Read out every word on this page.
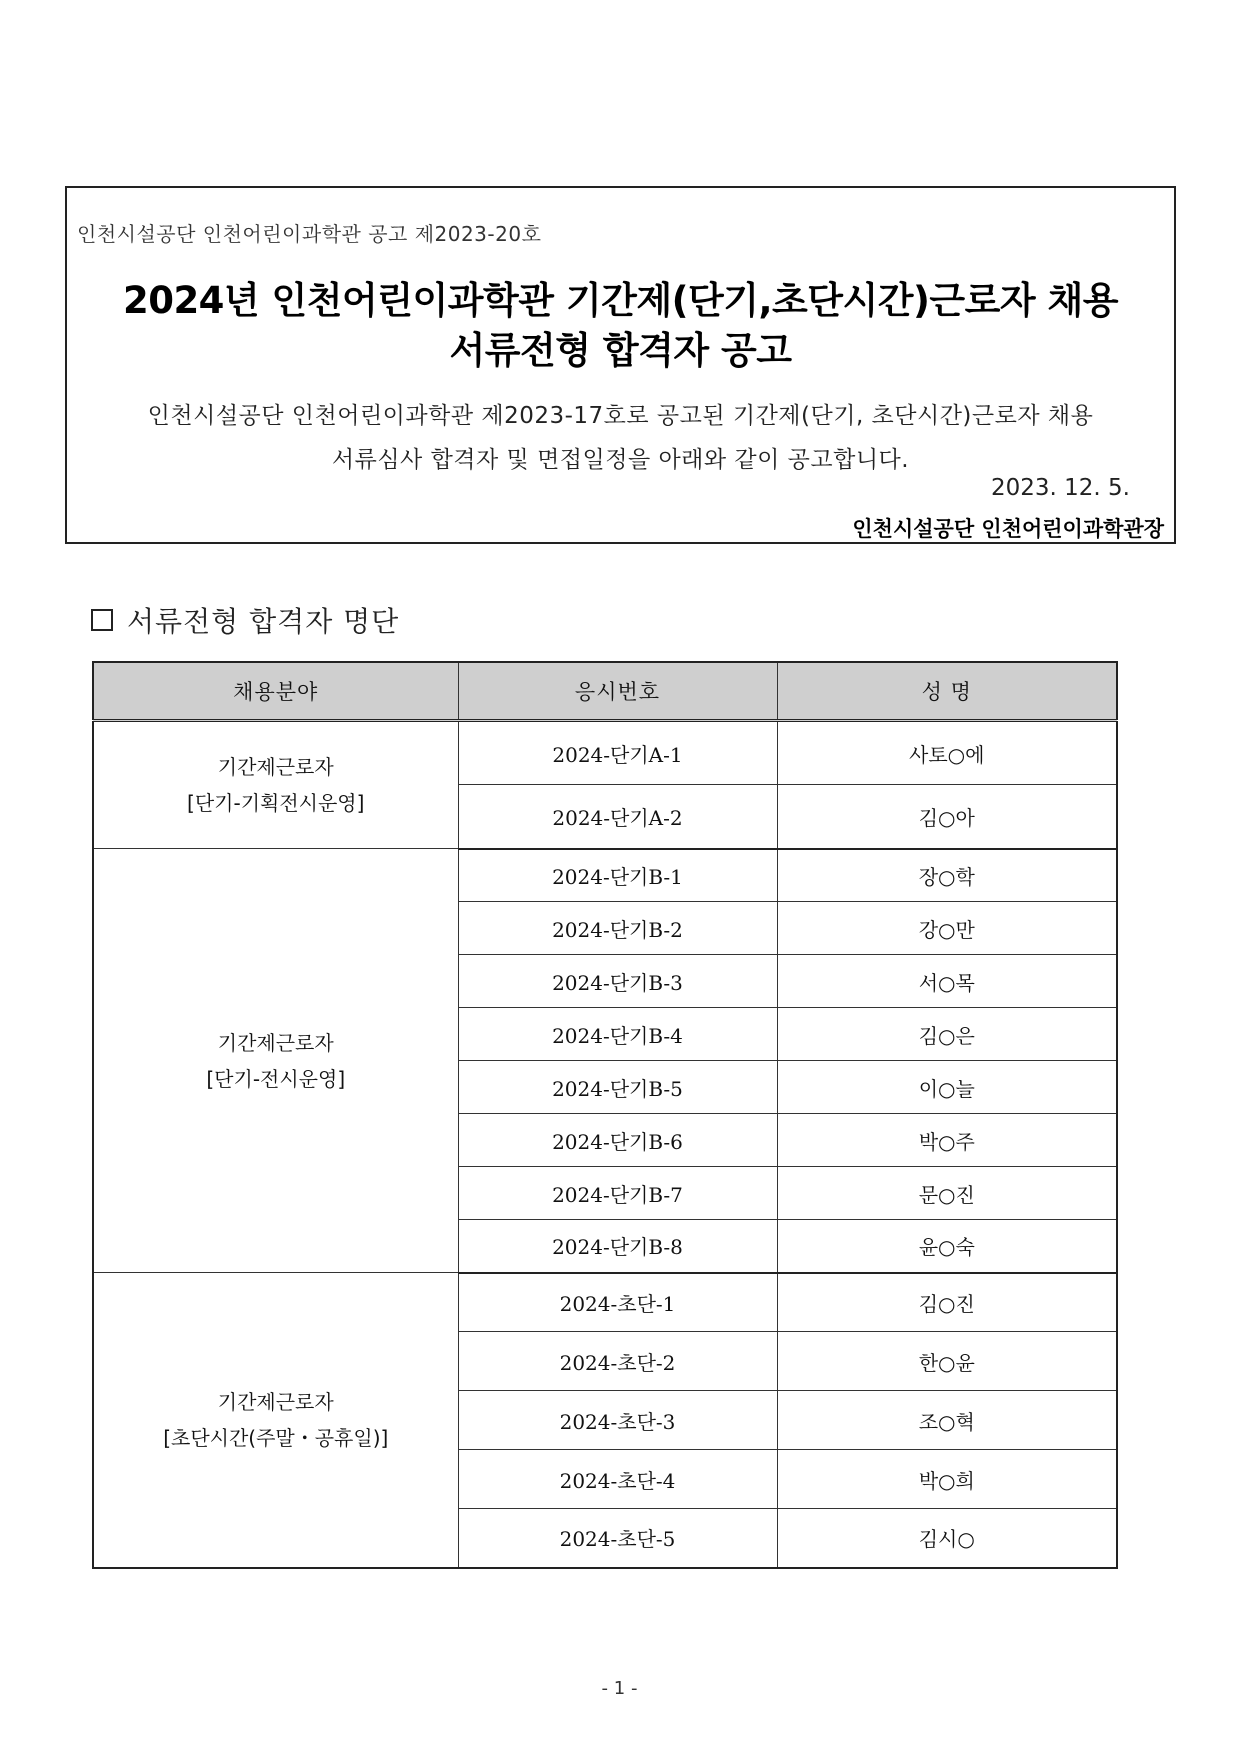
인천시설공단 인천어린이과학관 공고 제2023-20호
2024년 인천어린이과학관 기간제(단기,초단시간)근로자 채용
서류전형 합격자 공고
인천시설공단 인천어린이과학관 제2023-17호로 공고된 기간제(단기, 초단시간)근로자 채용
서류심사 합격자 및 면접일정을 아래와 같이 공고합니다.
2023. 12. 5.
인천시설공단 인천어린이과학관장
서류전형 합격자 명단
채용분야	응시번호	성 명

기간제근로자
[단기-기획전시운영]	2024-단기A-1	사토○에
	2024-단기A-2	김○아

기간제근로자
[단기-전시운영]	2024-단기B-1	장○학
	2024-단기B-2	강○만
	2024-단기B-3	서○목
	2024-단기B-4	김○은
	2024-단기B-5	이○늘
	2024-단기B-6	박○주
	2024-단기B-7	문○진
	2024-단기B-8	윤○숙

기간제근로자
[초단시간(주말・공휴일)]	2024-초단-1	김○진
	2024-초단-2	한○윤
	2024-초단-3	조○혁
	2024-초단-4	박○희
	2024-초단-5	김시○
- 1 -
